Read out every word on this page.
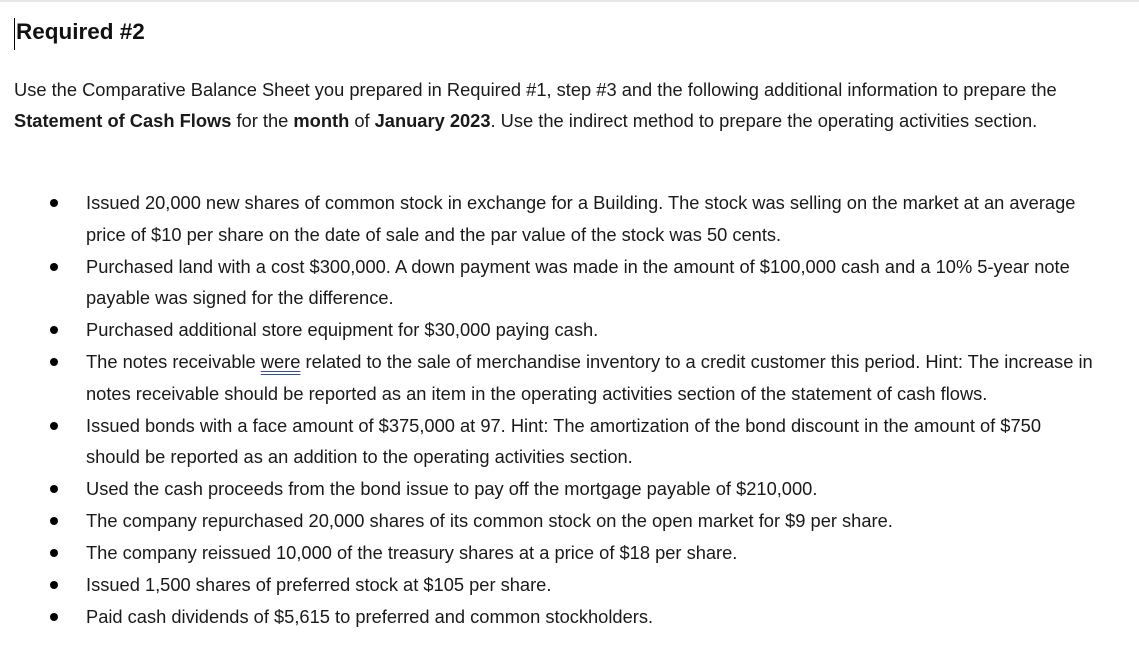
Required #2

Use the Comparative Balance Sheet you prepared in Required #1, step #3 and the following additional information to prepare the Statement of Cash Flows for the month of January 2023. Use the indirect method to prepare the operating activities section.

Issued 20,000 new shares of common stock in exchange for a Building. The stock was selling on the market at an average price of $10 per share on the date of sale and the par value of the stock was 50 cents.
Purchased land with a cost $300,000. A down payment was made in the amount of $100,000 cash and a 10% 5-year note payable was signed for the difference.
Purchased additional store equipment for $30,000 paying cash.
The notes receivable were related to the sale of merchandise inventory to a credit customer this period. Hint: The increase in notes receivable should be reported as an item in the operating activities section of the statement of cash flows.
Issued bonds with a face amount of $375,000 at 97. Hint: The amortization of the bond discount in the amount of $750 should be reported as an addition to the operating activities section.
Used the cash proceeds from the bond issue to pay off the mortgage payable of $210,000.
The company repurchased 20,000 shares of its common stock on the open market for $9 per share.
The company reissued 10,000 of the treasury shares at a price of $18 per share.
Issued 1,500 shares of preferred stock at $105 per share.
Paid cash dividends of $5,615 to preferred and common stockholders.
